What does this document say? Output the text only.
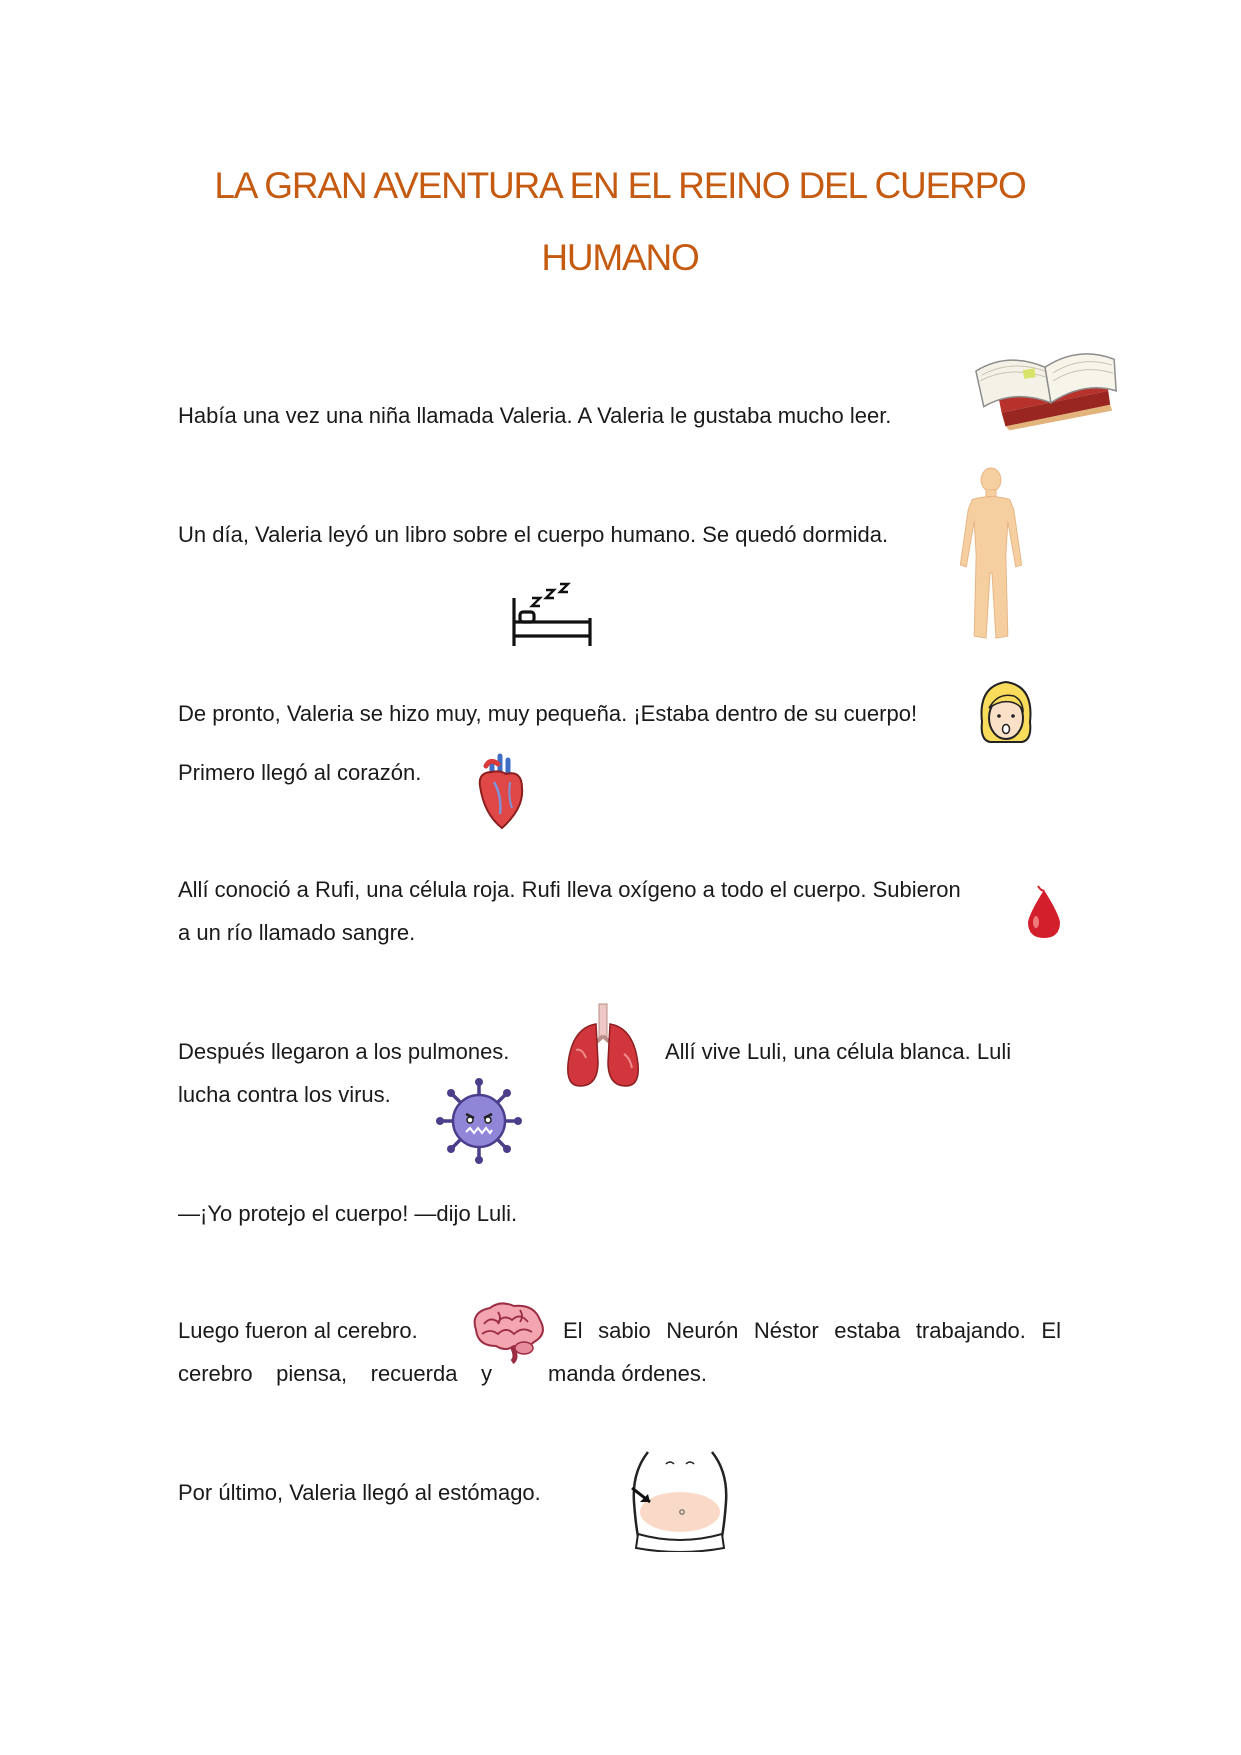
LA GRAN AVENTURA EN EL REINO DEL CUERPO HUMANO

Había una vez una niña llamada Valeria. A Valeria le gustaba mucho leer.

Un día, Valeria leyó un libro sobre el cuerpo humano. Se quedó dormida.

De pronto, Valeria se hizo muy, muy pequeña. ¡Estaba dentro de su cuerpo!

Primero llegó al corazón.

Allí conoció a Rufi, una célula roja. Rufi lleva oxígeno a todo el cuerpo. Subieron

a un río llamado sangre.

Después llegaron a los pulmones.	Allí vive Luli, una célula blanca. Luli

lucha contra los virus.

—¡Yo protejo el cuerpo! —dijo Luli.

Luego fueron al cerebro.	El sabio Neurón Néstor estaba trabajando. El

cerebro piensa, recuerda y	manda órdenes.

Por último, Valeria llegó al estómago.
